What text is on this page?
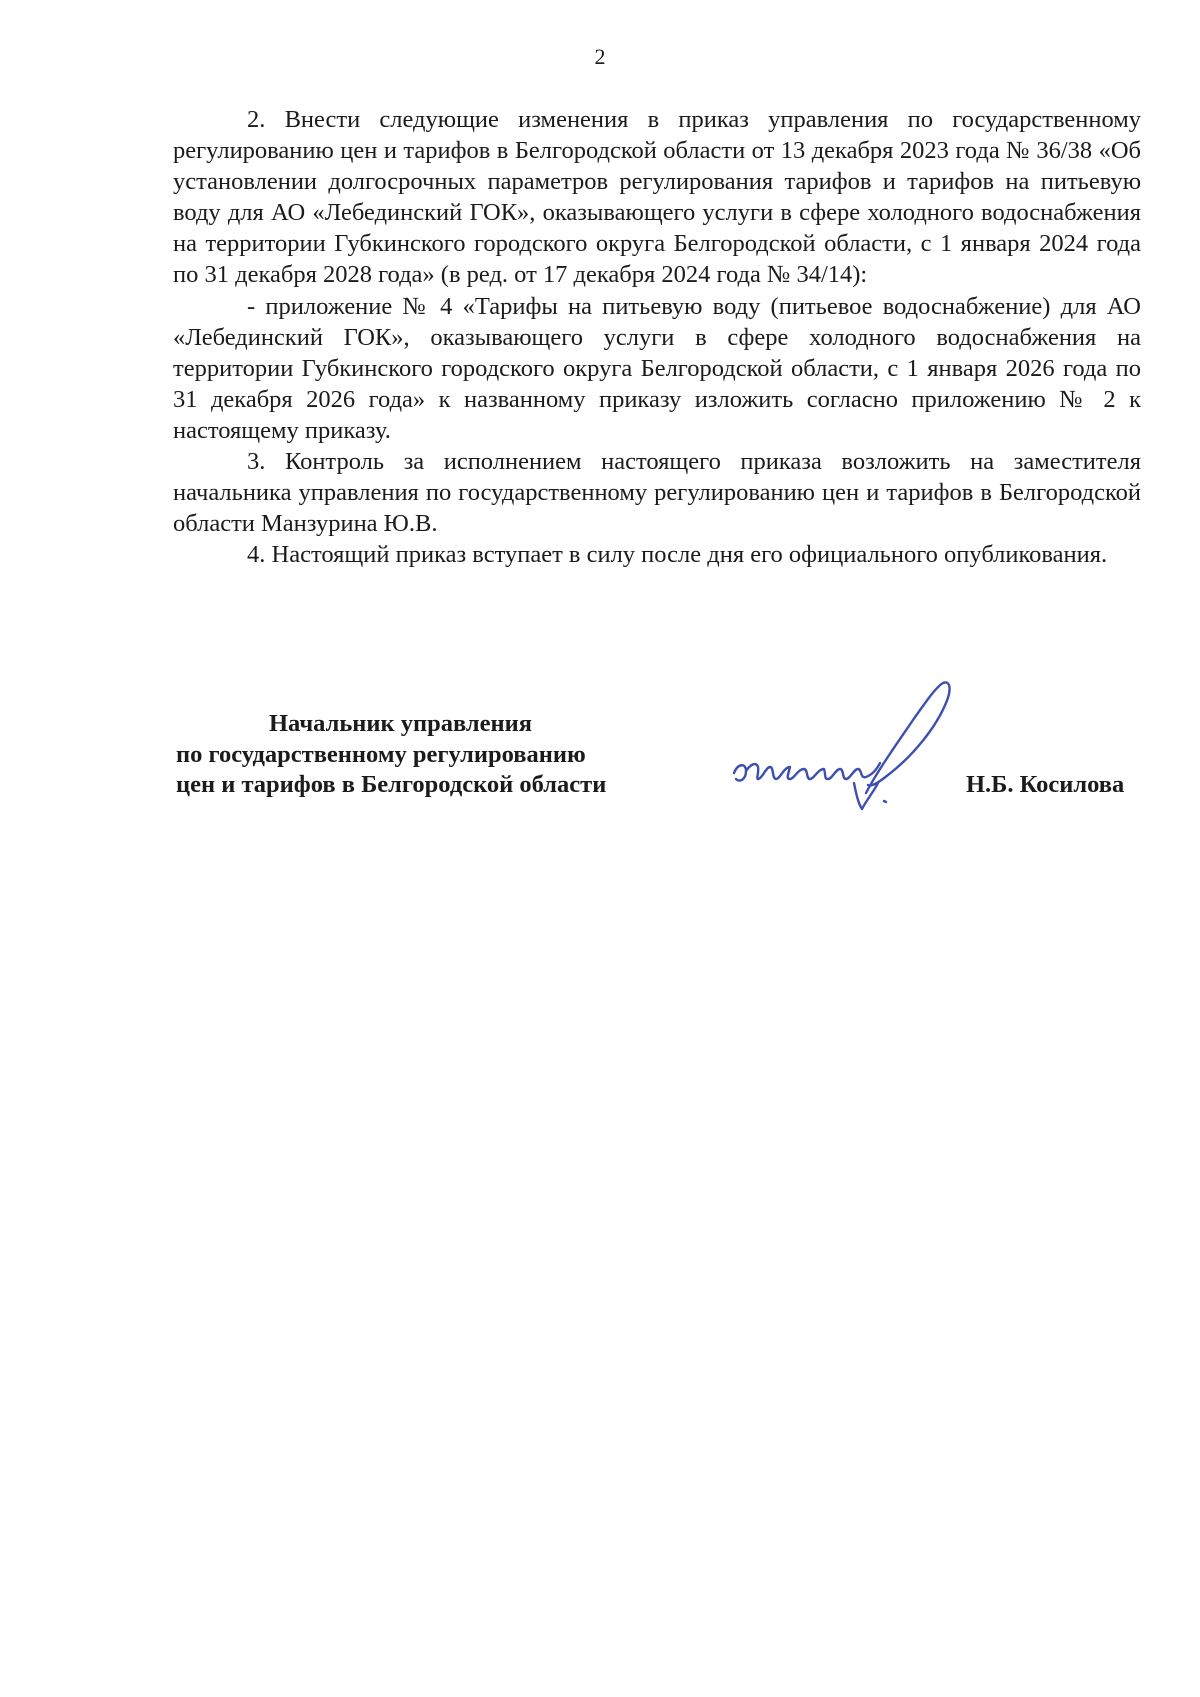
2

2. Внести следующие изменения в приказ управления по государственному регулированию цен и тарифов в Белгородской области от 13 декабря 2023 года № 36/38 «Об установлении долгосрочных параметров регулирования тарифов и тарифов на питьевую воду для АО «Лебединский ГОК», оказывающего услуги в сфере холодного водоснабжения на территории Губкинского городского округа Белгородской области, с 1 января 2024 года по 31 декабря 2028 года» (в ред. от 17 декабря 2024 года № 34/14):

- приложение № 4 «Тарифы на питьевую воду (питьевое водоснабжение) для АО «Лебединский ГОК», оказывающего услуги в сфере холодного водоснабжения на территории Губкинского городского округа Белгородской области, с 1 января 2026 года по 31 декабря 2026 года» к названному приказу изложить согласно приложению № 2 к настоящему приказу.

3. Контроль за исполнением настоящего приказа возложить на заместителя начальника управления по государственному регулированию цен и тарифов в Белгородской области Манзурина Ю.В.

4. Настоящий приказ вступает в силу после дня его официального опубликования.

Начальник управления
по государственному регулированию
цен и тарифов в Белгородской области	Н.Б. Косилова
